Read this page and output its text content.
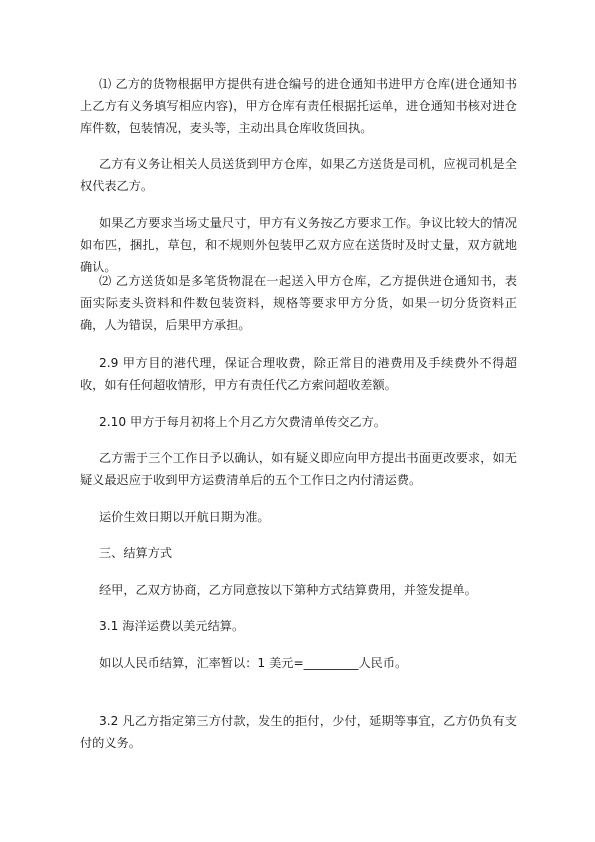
⑴ 乙方的货物根据甲方提供有进仓编号的进仓通知书进甲方仓库(进仓通知书上乙方有义务填写相应内容)，甲方仓库有责任根据托运单，进仓通知书核对进仓库件数，包装情况，麦头等，主动出具仓库收货回执。

乙方有义务让相关人员送货到甲方仓库，如果乙方送货是司机，应视司机是全权代表乙方。

如果乙方要求当场丈量尺寸，甲方有义务按乙方要求工作。争议比较大的情况如布匹，捆扎，草包，和不规则外包装甲乙双方应在送货时及时丈量，双方就地确认。

⑵ 乙方送货如是多笔货物混在一起送入甲方仓库，乙方提供进仓通知书，表面实际麦头资料和件数包装资料，规格等要求甲方分货，如果一切分货资料正确，人为错误，后果甲方承担。

2.9 甲方目的港代理，保证合理收费，除正常目的港费用及手续费外不得超收，如有任何超收情形，甲方有责任代乙方索问超收差额。

2.10 甲方于每月初将上个月乙方欠费清单传交乙方。

乙方需于三个工作日予以确认，如有疑义即应向甲方提出书面更改要求，如无疑义最迟应于收到甲方运费清单后的五个工作日之内付清运费。

运价生效日期以开航日期为准。

三、结算方式

经甲，乙双方协商，乙方同意按以下第种方式结算费用，并签发提单。

3.1 海洋运费以美元结算。

如以人民币结算，汇率暂以：1 美元=_________人民币。

3.2 凡乙方指定第三方付款，发生的拒付，少付，延期等事宜，乙方仍负有支付的义务。
